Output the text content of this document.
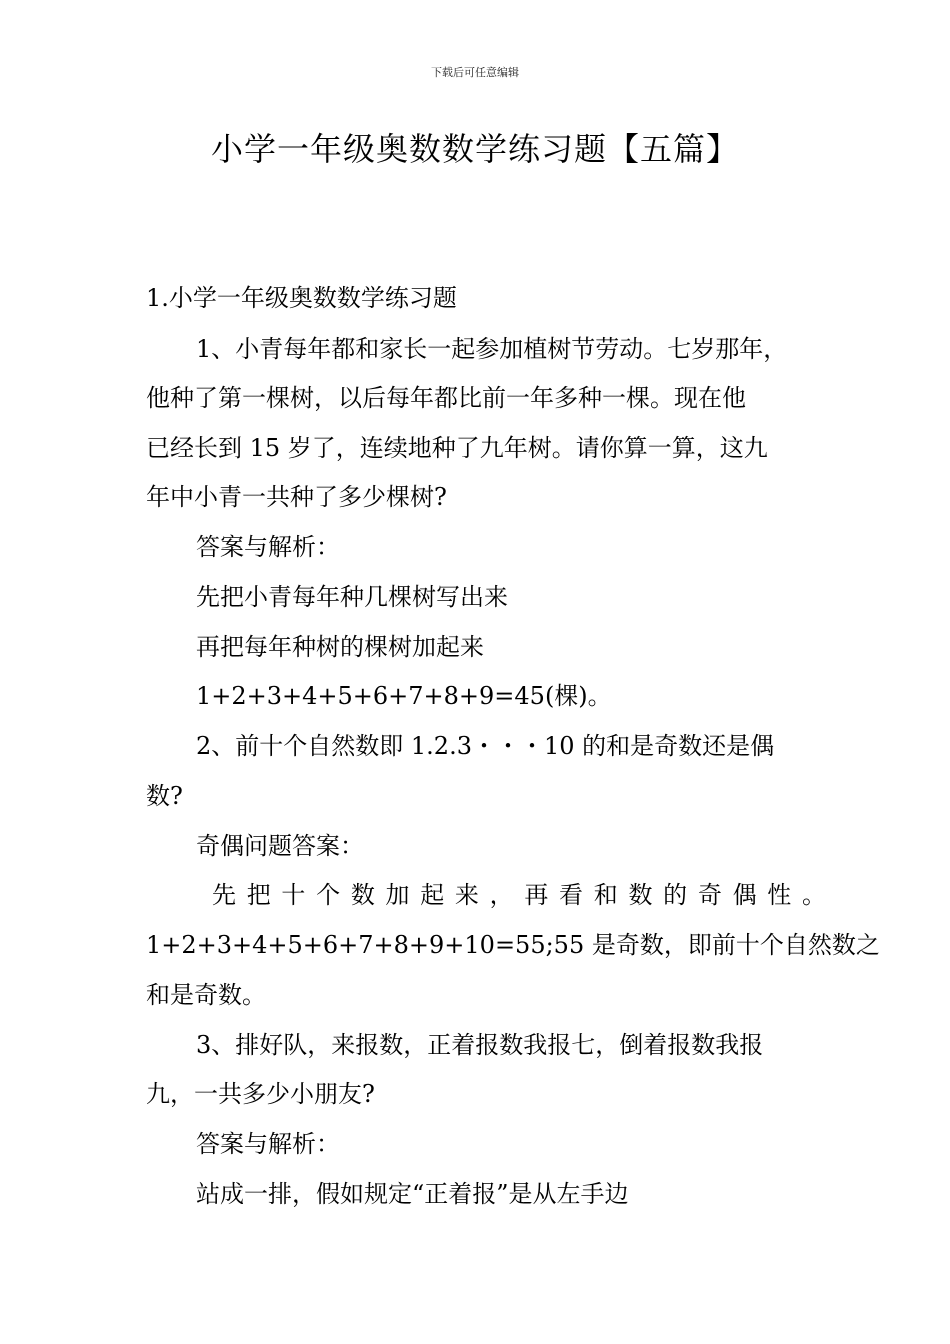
下载后可任意编辑
小学一年级奥数数学练习题【五篇】
1.小学一年级奥数数学练习题
1、小青每年都和家长一起参加植树节劳动。七岁那年，
他种了第一棵树，以后每年都比前一年多种一棵。现在他
已经长到 15 岁了，连续地种了九年树。请你算一算，这九
年中小青一共种了多少棵树?
答案与解析：
先把小青每年种几棵树写出来
再把每年种树的棵树加起来
1+2+3+4+5+6+7+8+9=45(棵)。
2、前十个自然数即 1.2.3・・・10 的和是奇数还是偶
数?
奇偶问题答案：
先 把 十 个 数 加 起 来 ， 再 看 和 数 的 奇 偶 性 。
1+2+3+4+5+6+7+8+9+10=55;55 是奇数，即前十个自然数之
和是奇数。
3、排好队，来报数，正着报数我报七，倒着报数我报
九，一共多少小朋友?
答案与解析：
站成一排，假如规定“正着报”是从左手边
